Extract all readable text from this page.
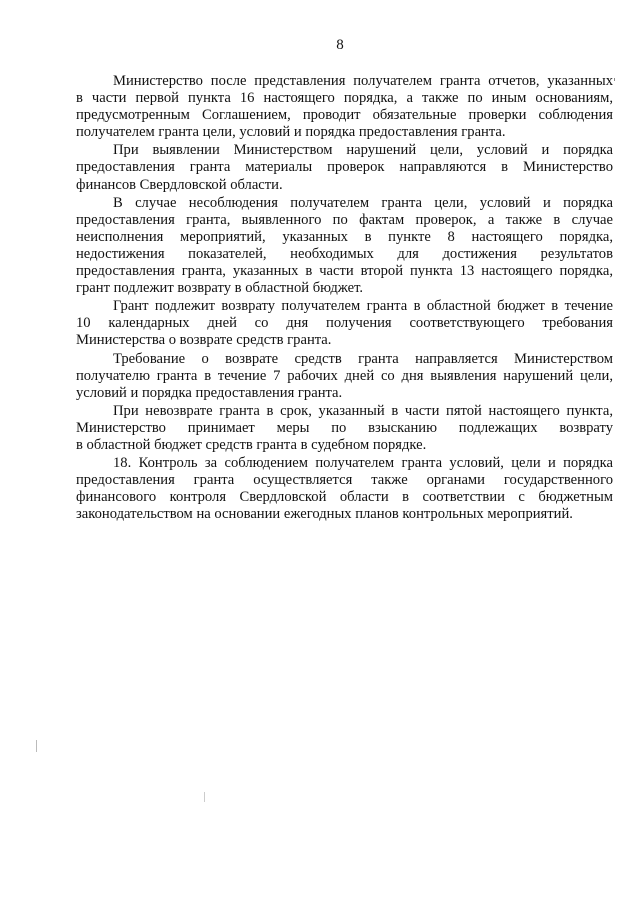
8

Министерство после представления получателем гранта отчетов, указанных
в части первой пункта 16 настоящего порядка, а также по иным основаниям,
предусмотренным Соглашением, проводит обязательные проверки соблюдения
получателем гранта цели, условий и порядка предоставления гранта.

При выявлении Министерством нарушений цели, условий и порядка
предоставления гранта материалы проверок направляются в Министерство
финансов Свердловской области.

В случае несоблюдения получателем гранта цели, условий и порядка
предоставления гранта, выявленного по фактам проверок, а также в случае
неисполнения мероприятий, указанных в пункте 8 настоящего порядка,
недостижения показателей, необходимых для достижения результатов
предоставления гранта, указанных в части второй пункта 13 настоящего порядка,
грант подлежит возврату в областной бюджет.

Грант подлежит возврату получателем гранта в областной бюджет в течение
10 календарных дней со дня получения соответствующего требования
Министерства о возврате средств гранта.

Требование о возврате средств гранта направляется Министерством
получателю гранта в течение 7 рабочих дней со дня выявления нарушений цели,
условий и порядка предоставления гранта.

При невозврате гранта в срок, указанный в части пятой настоящего пункта,
Министерство принимает меры по взысканию подлежащих возврату
в областной бюджет средств гранта в судебном порядке.

18. Контроль за соблюдением получателем гранта условий, цели и порядка
предоставления гранта осуществляется также органами государственного
финансового контроля Свердловской области в соответствии с бюджетным
законодательством на основании ежегодных планов контрольных мероприятий.
